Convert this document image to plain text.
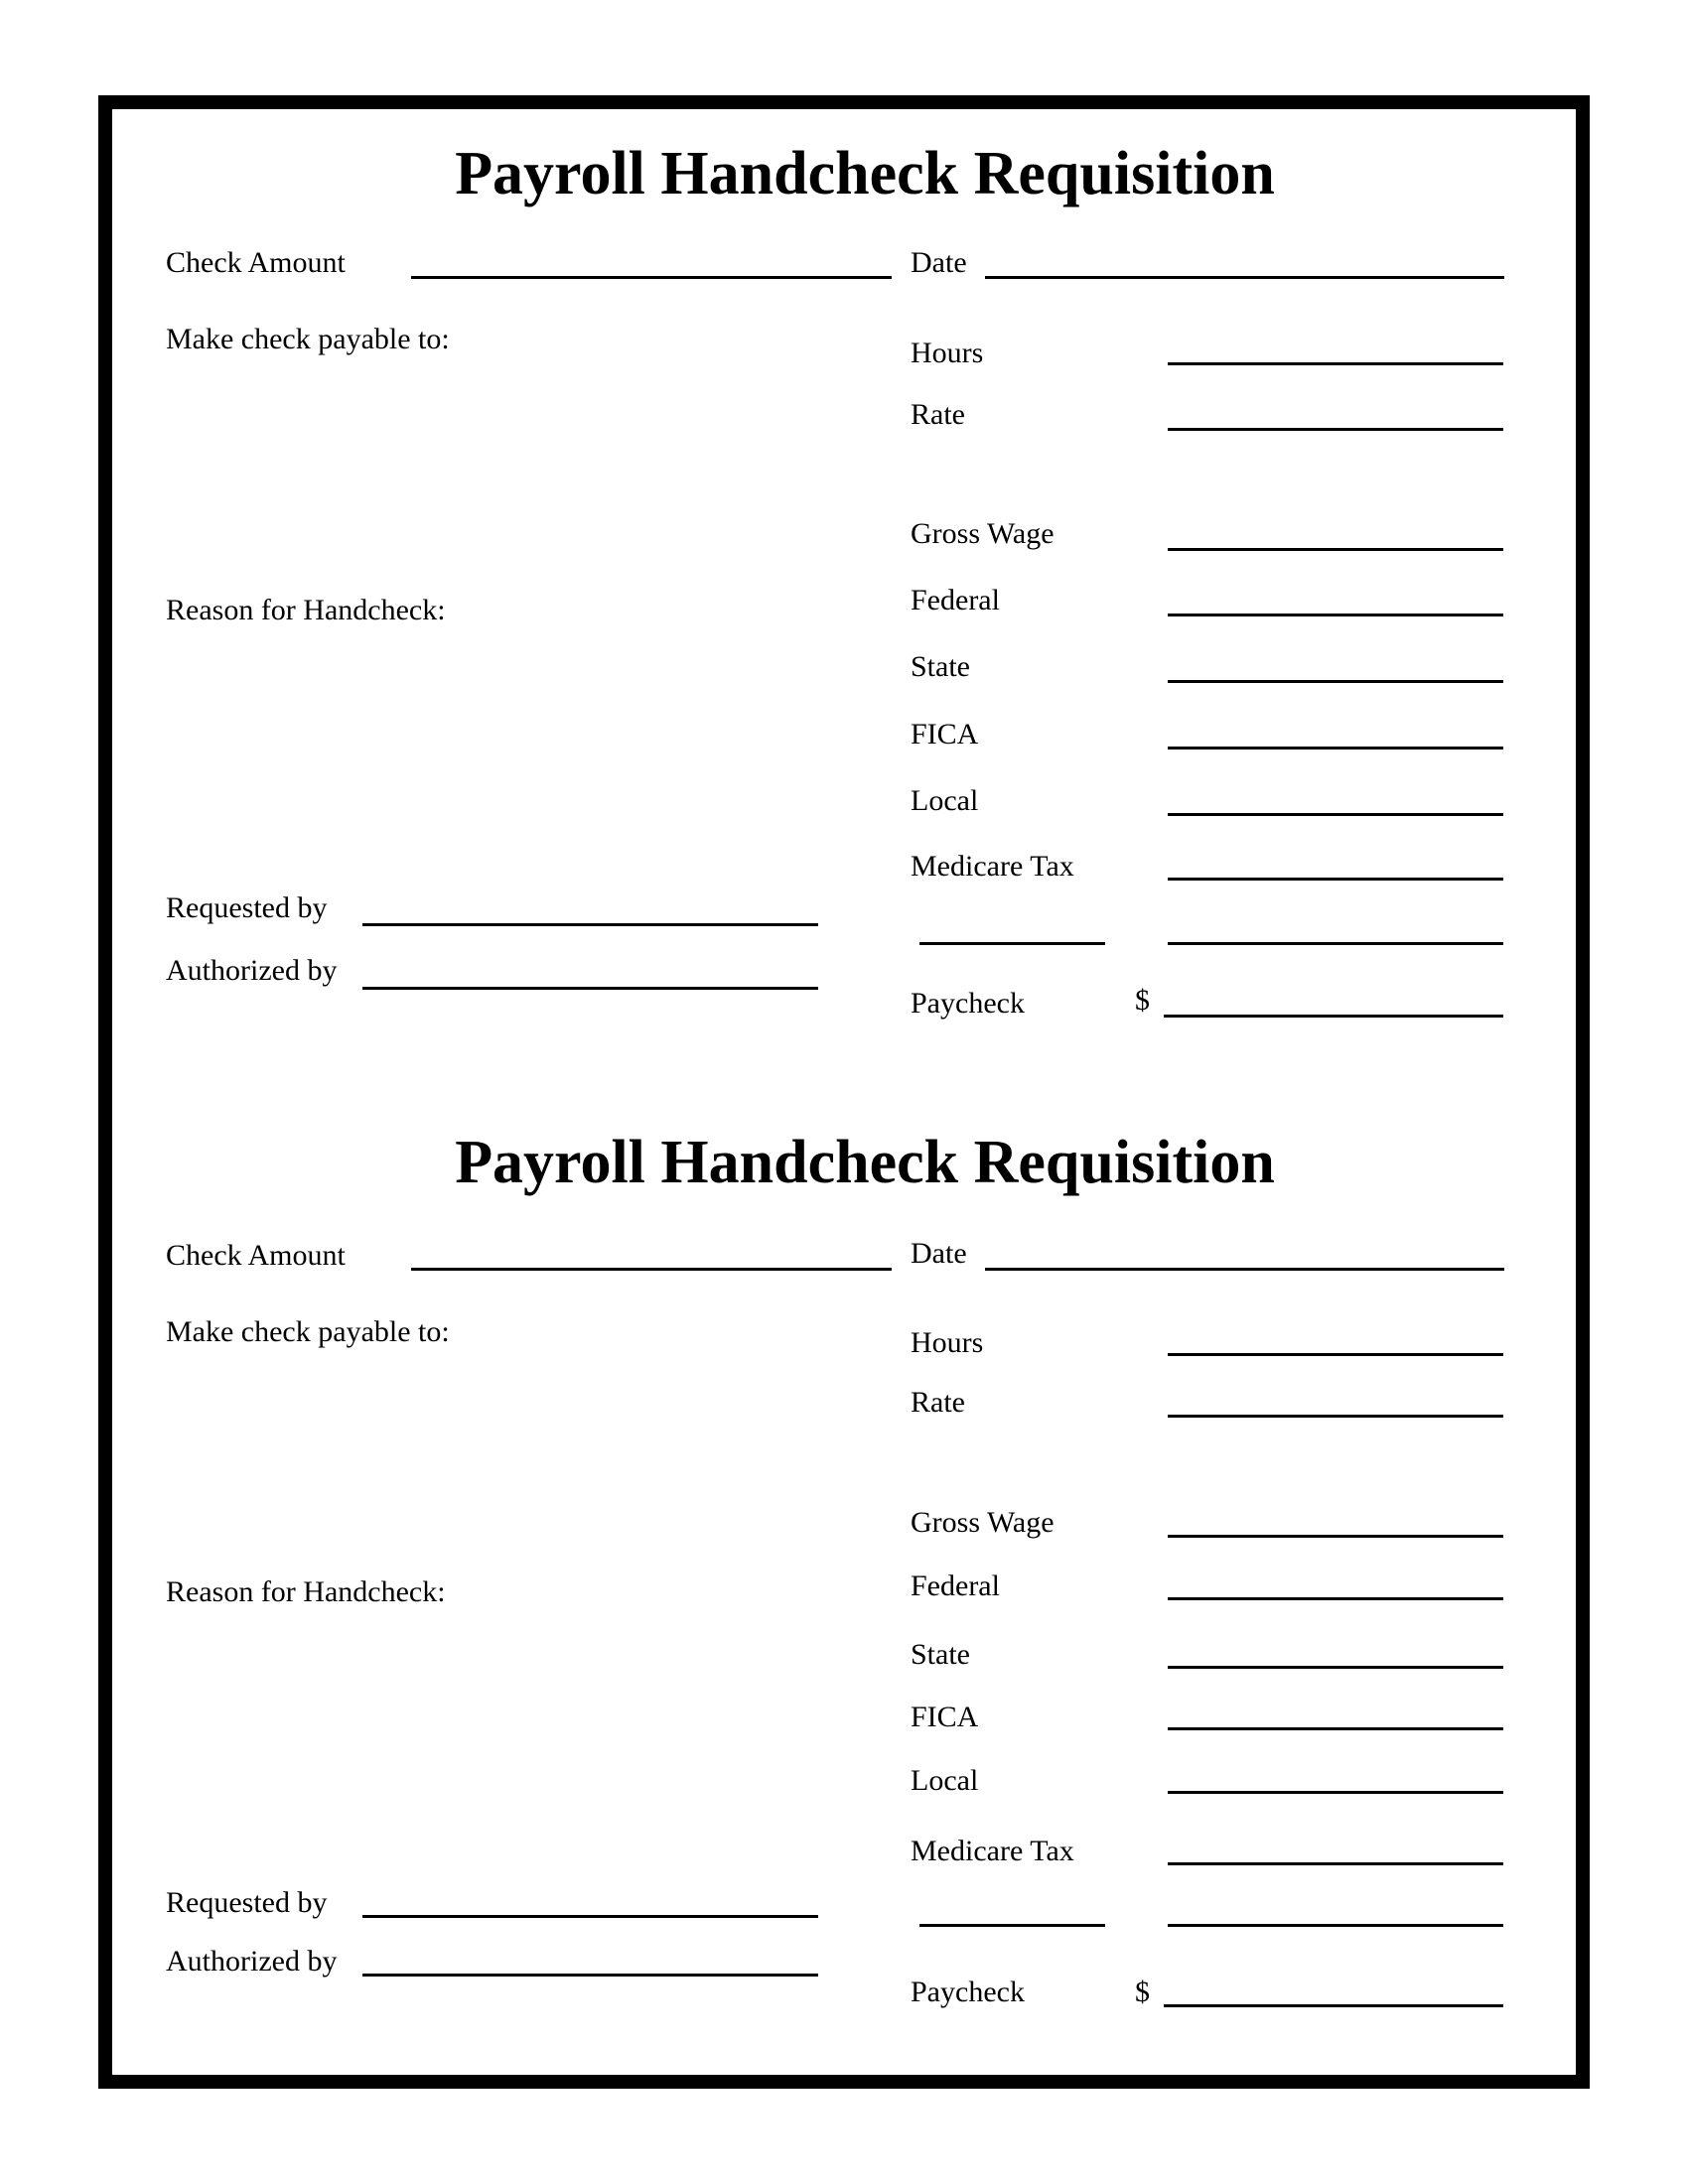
Payroll Handcheck Requisition
Check Amount	Date
Make check payable to:	Hours
Rate
Gross Wage
Reason for Handcheck:	Federal
State
FICA
Local
Medicare Tax
Requested by
Authorized by
Paycheck	$
Payroll Handcheck Requisition
Check Amount	Date
Make check payable to:	Hours
Rate
Gross Wage
Reason for Handcheck:	Federal
State
FICA
Local
Medicare Tax
Requested by
Authorized by
Paycheck	$
